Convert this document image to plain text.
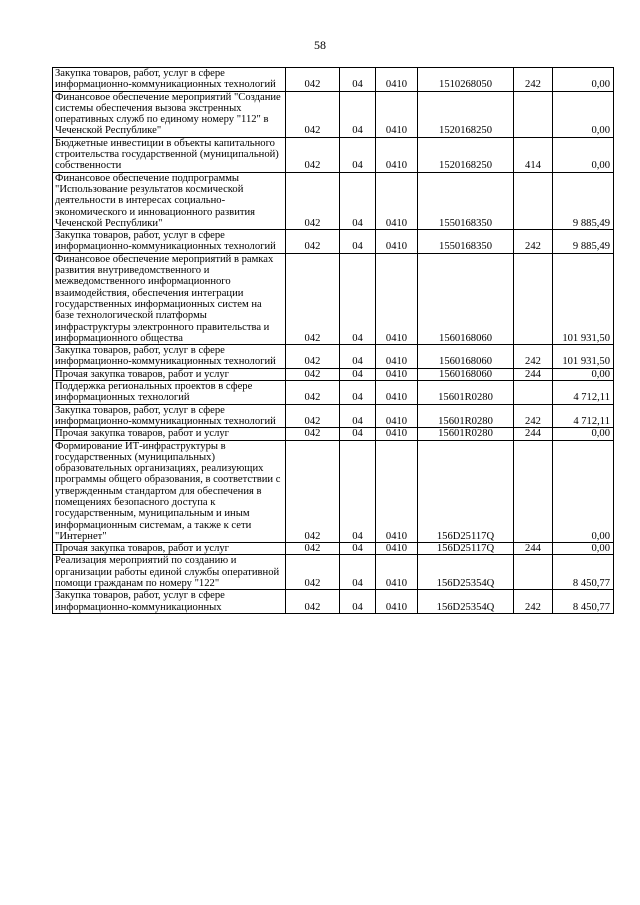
58
Закупка товаров, работ, услуг в сфере информационно-коммуникационных технологий	042	04	0410	1510268050	242	0,00
Финансовое обеспечение мероприятий "Создание системы обеспечения вызова экстренных оперативных служб по единому номеру "112" в Чеченской Республике"	042	04	0410	1520168250		0,00
Бюджетные инвестиции в объекты капитального строительства государственной (муниципальной) собственности	042	04	0410	1520168250	414	0,00
Финансовое обеспечение подпрограммы "Использование результатов космической деятельности в интересах социально-экономического и инновационного развития Чеченской Республики"	042	04	0410	1550168350		9 885,49
Закупка товаров, работ, услуг в сфере информационно-коммуникационных технологий	042	04	0410	1550168350	242	9 885,49
Финансовое обеспечение мероприятий в рамках развития внутриведомственного и межведомственного информационного взаимодействия, обеспечения интеграции государственных информационных систем на базе технологической платформы инфраструктуры электронного правительства и информационного общества	042	04	0410	1560168060		101 931,50
Закупка товаров, работ, услуг в сфере информационно-коммуникационных технологий	042	04	0410	1560168060	242	101 931,50
Прочая закупка товаров, работ и услуг	042	04	0410	1560168060	244	0,00
Поддержка региональных проектов в сфере информационных технологий	042	04	0410	15601R0280		4 712,11
Закупка товаров, работ, услуг в сфере информационно-коммуникационных технологий	042	04	0410	15601R0280	242	4 712,11
Прочая закупка товаров, работ и услуг	042	04	0410	15601R0280	244	0,00
Формирование ИТ-инфраструктуры в государственных (муниципальных) образовательных организациях, реализующих программы общего образования, в соответствии с утвержденным стандартом для обеспечения в помещениях безопасного доступа к государственным, муниципальным и иным информационным системам, а также к сети "Интернет"	042	04	0410	156D25117Q		0,00
Прочая закупка товаров, работ и услуг	042	04	0410	156D25117Q	244	0,00
Реализация мероприятий по созданию и организации работы единой службы оперативной помощи гражданам по номеру "122"	042	04	0410	156D25354Q		8 450,77
Закупка товаров, работ, услуг в сфере информационно-коммуникационных	042	04	0410	156D25354Q	242	8 450,77
